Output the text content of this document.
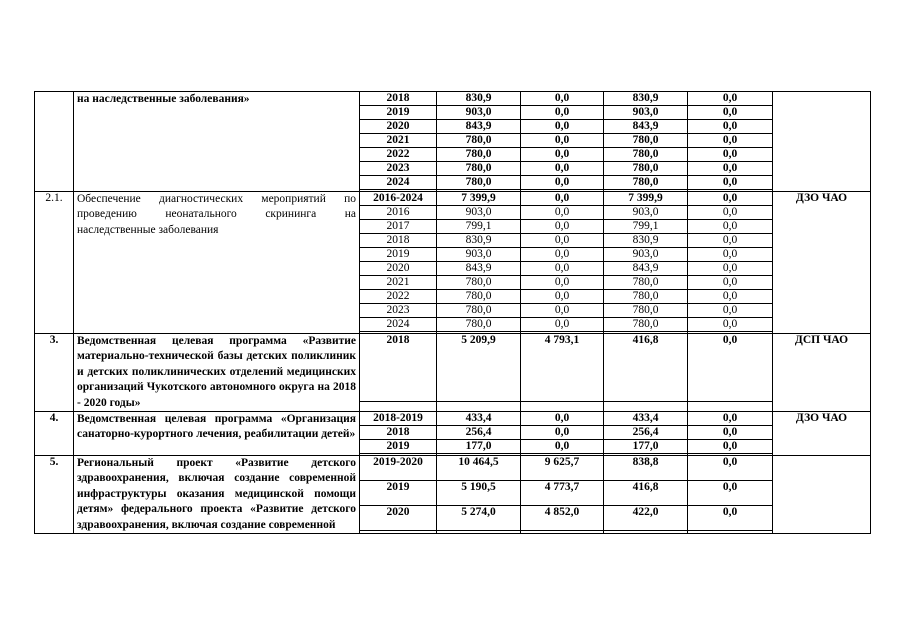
	на наследственные заболевания»	2018	830,9	0,0	830,9	0,0	
		2019	903,0	0,0	903,0	0,0	
		2020	843,9	0,0	843,9	0,0	
		2021	780,0	0,0	780,0	0,0	
		2022	780,0	0,0	780,0	0,0	
		2023	780,0	0,0	780,0	0,0	
		2024	780,0	0,0	780,0	0,0	

2.1.	Обеспечение диагностических мероприятий по проведению неонатального скрининга на наследственные заболевания	2016-2024	7 399,9	0,0	7 399,9	0,0	ДЗО ЧАО
		2016	903,0	0,0	903,0	0,0	
		2017	799,1	0,0	799,1	0,0	
		2018	830,9	0,0	830,9	0,0	
		2019	903,0	0,0	903,0	0,0	
		2020	843,9	0,0	843,9	0,0	
		2021	780,0	0,0	780,0	0,0	
		2022	780,0	0,0	780,0	0,0	
		2023	780,0	0,0	780,0	0,0	
		2024	780,0	0,0	780,0	0,0	

3.	Ведомственная целевая программа «Развитие материально-технической базы детских поликлиник и детских поликлинических отделений медицинских организаций Чукотского автономного округа на 2018 - 2020 годы»	2018	5 209,9	4 793,1	416,8	0,0	ДСП ЧАО

4.	Ведомственная целевая программа «Организация санаторно-курортного лечения, реабилитации детей»	2018-2019	433,4	0,0	433,4	0,0	ДЗО ЧАО
		2018	256,4	0,0	256,4	0,0	
		2019	177,0	0,0	177,0	0,0	

5.	Региональный проект «Развитие детского здравоохранения, включая создание современной инфраструктуры оказания медицинской помощи детям» федерального проекта «Развитие детского здравоохранения, включая создание современной	2019-2020	10 464,5	9 625,7	838,8	0,0	
		2019	5 190,5	4 773,7	416,8	0,0	
		2020	5 274,0	4 852,0	422,0	0,0	
